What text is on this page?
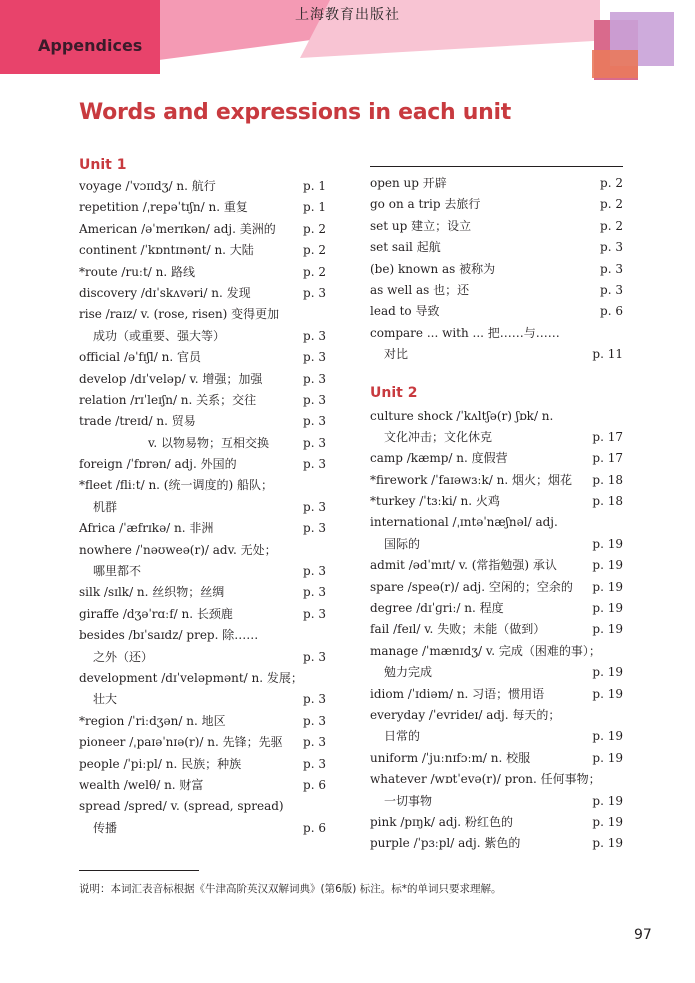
上海教育出版社
Appendices
Words and expressions in each unit
Unit 1
voyage /ˈvɔɪɪdʒ/ n. 航行	p. 1
repetition /ˌrepəˈtɪʃn/ n. 重复	p. 1
American /əˈmerɪkən/ adj. 美洲的 p. 2
continent /ˈkɒntɪnənt/ n. 大陆	p. 2
*route /ruːt/ n. 路线	p. 2
discovery /dɪˈskʌvəri/ n. 发现	p. 3
rise /raɪz/ v. (rose, risen) 变得更加
成功（或重要、强大等）	p. 3
official /əˈfɪʃl/ n. 官员	p. 3
develop /dɪˈveləp/ v. 增强；加强	p. 3
relation /rɪˈleɪʃn/ n. 关系；交往	p. 3
trade /treɪd/ n. 贸易	p. 3
v. 以物易物；互相交换	p. 3
foreign /ˈfɒrən/ adj. 外国的	p. 3
*fleet /fliːt/ n. (统一调度的) 船队；
机群	p. 3
Africa /ˈæfrɪkə/ n. 非洲	p. 3
nowhere /ˈnəʊweə(r)/ adv. 无处；
哪里都不	p. 3
silk /sɪlk/ n. 丝织物；丝绸	p. 3
giraffe /dʒəˈrɑːf/ n. 长颈鹿	p. 3
besides /bɪˈsaɪdz/ prep. 除……
之外（还）	p. 3
development /dɪˈveləpmənt/ n. 发展；
壮大	p. 3
*region /ˈriːdʒən/ n. 地区	p. 3
pioneer /ˌpaɪəˈnɪə(r)/ n. 先锋；先驱 p. 3
people /ˈpiːpl/ n. 民族；种族	p. 3
wealth /welθ/ n. 财富	p. 6
spread /spred/ v. (spread, spread)
传播	p. 6
open up 开辟	p. 2
go on a trip 去旅行	p. 2
set up 建立；设立	p. 2
set sail 起航	p. 3
(be) known as 被称为	p. 3
as well as 也；还	p. 3
lead to 导致	p. 6
compare ... with ... 把……与……
对比	p. 11
Unit 2
culture shock /ˈkʌltʃə(r) ʃɒk/ n.
文化冲击；文化休克	p. 17
camp /kæmp/ n. 度假营	p. 17
*firework /ˈfaɪəwɜːk/ n. 烟火；烟花 p. 18
*turkey /ˈtɜːki/ n. 火鸡	p. 18
international /ˌɪntəˈnæʃnəl/ adj.
国际的	p. 19
admit /ədˈmɪt/ v. (常指勉强) 承认	p. 19
spare /speə(r)/ adj. 空闲的；空余的 p. 19
degree /dɪˈɡriː/ n. 程度	p. 19
fail /feɪl/ v. 失败；未能（做到）	p. 19
manage /ˈmænɪdʒ/ v. 完成（困难的事）；
勉力完成	p. 19
idiom /ˈɪdiəm/ n. 习语；惯用语	p. 19
everyday /ˈevrideɪ/ adj. 每天的；
日常的	p. 19
uniform /ˈjuːnɪfɔːm/ n. 校服	p. 19
whatever /wɒtˈevə(r)/ pron. 任何事物；
一切事物	p. 19
pink /pɪŋk/ adj. 粉红色的	p. 19
purple /ˈpɜːpl/ adj. 紫色的	p. 19
说明：本词汇表音标根据《牛津高阶英汉双解词典》(第6版) 标注。标*的单词只要求理解。
97
